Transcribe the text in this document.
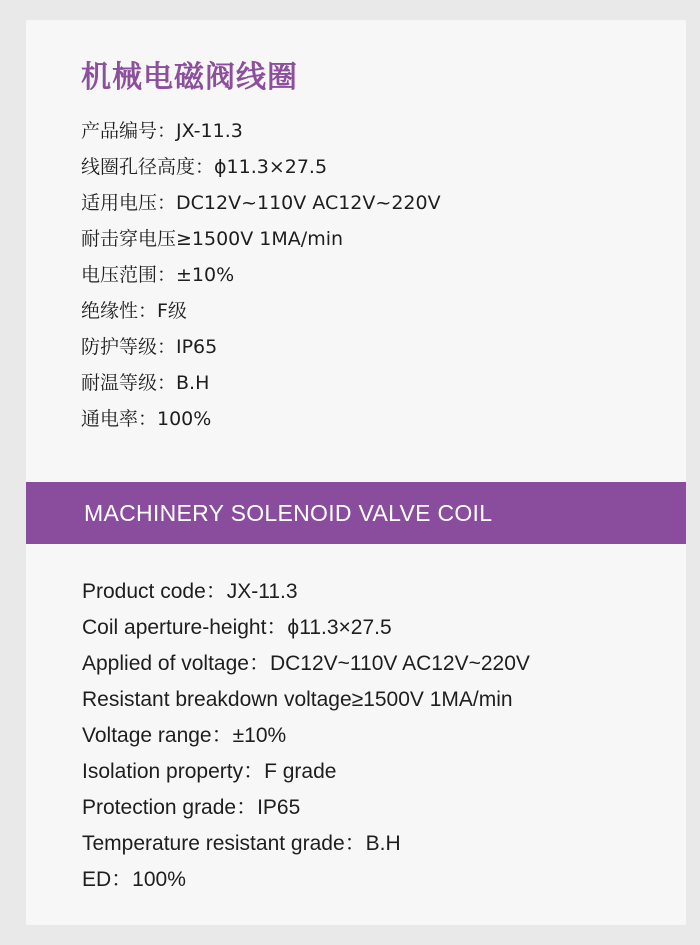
机械电磁阀线圈
产品编号：JX-11.3
线圈孔径高度：ϕ11.3×27.5
适用电压：DC12V~110V AC12V~220V
耐击穿电压≥1500V 1MA/min
电压范围：±10%
绝缘性：F级
防护等级：IP65
耐温等级：B.H
通电率：100%
MACHINERY SOLENOID VALVE COIL
Product code：JX-11.3
Coil aperture-height：ϕ11.3×27.5
Applied of voltage：DC12V~110V AC12V~220V
Resistant breakdown voltage≥1500V 1MA/min
Voltage range：±10%
Isolation property：F grade
Protection grade：IP65
Temperature resistant grade：B.H
ED：100%
